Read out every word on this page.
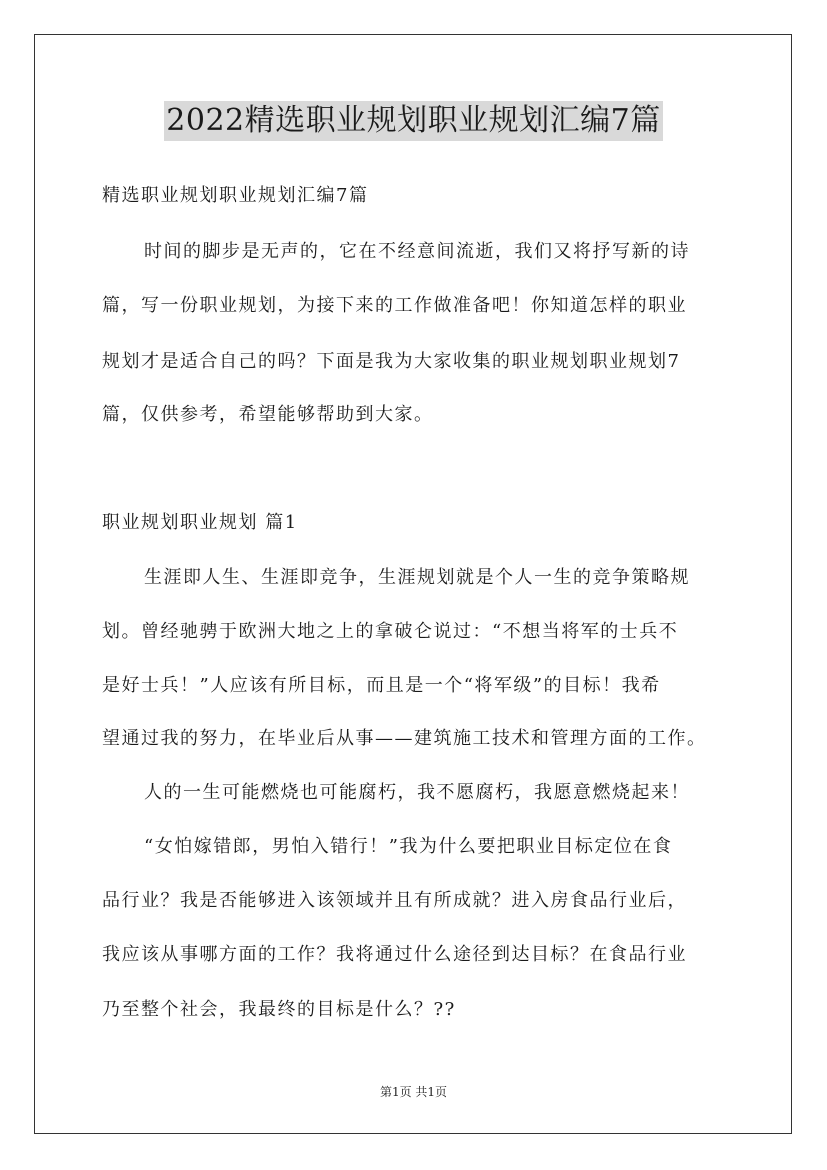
2022精选职业规划职业规划汇编7篇
精选职业规划职业规划汇编7篇
时间的脚步是无声的，它在不经意间流逝，我们又将抒写新的诗
篇，写一份职业规划，为接下来的工作做准备吧！你知道怎样的职业
规划才是适合自己的吗？下面是我为大家收集的职业规划职业规划7
篇，仅供参考，希望能够帮助到大家。
职业规划职业规划 篇1
生涯即人生、生涯即竞争，生涯规划就是个人一生的竞争策略规
划。曾经驰骋于欧洲大地之上的拿破仑说过：“不想当将军的士兵不
是好士兵！”人应该有所目标，而且是一个“将军级”的目标！我希
望通过我的努力，在毕业后从事——建筑施工技术和管理方面的工作。
人的一生可能燃烧也可能腐朽，我不愿腐朽，我愿意燃烧起来！
“女怕嫁错郎，男怕入错行！”我为什么要把职业目标定位在食
品行业？我是否能够进入该领域并且有所成就？进入房食品行业后，
我应该从事哪方面的工作？我将通过什么途径到达目标？在食品行业
乃至整个社会，我最终的目标是什么？??
第1页 共1页
